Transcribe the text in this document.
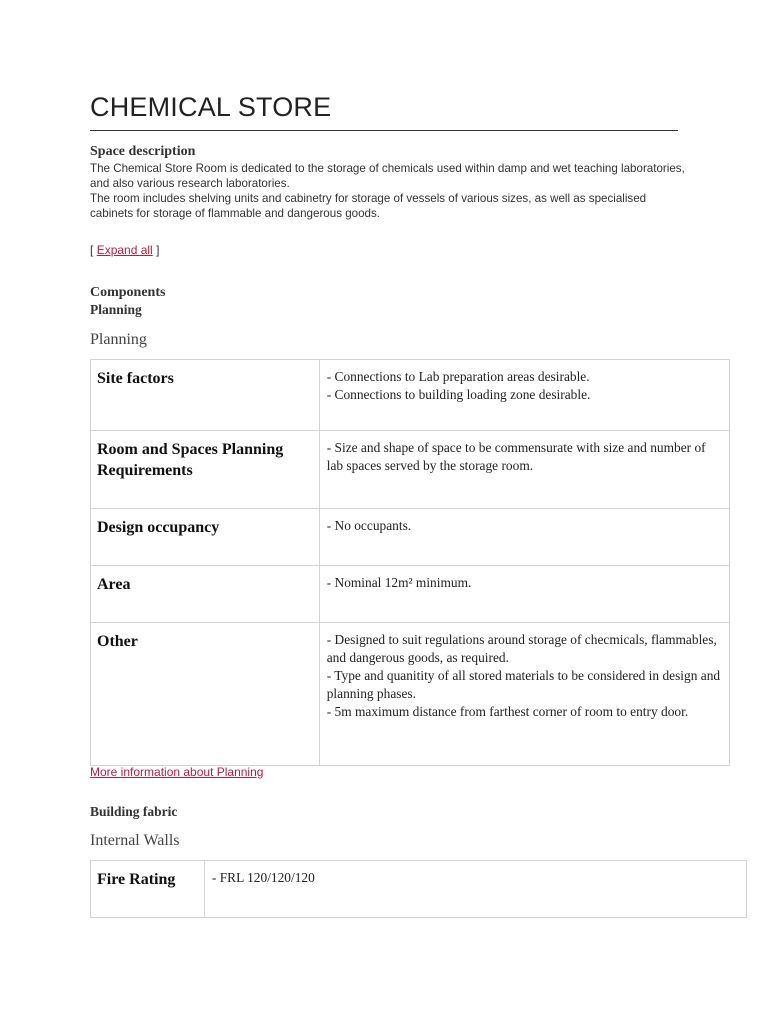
CHEMICAL STORE
Space description

The Chemical Store Room is dedicated to the storage of chemicals used within damp and wet teaching laboratories, and also various research laboratories.

The room includes shelving units and cabinetry for storage of vessels of various sizes, as well as specialised cabinets for storage of flammable and dangerous goods.

[ Expand all ]
Components
Planning
Planning
Site factors	- Connections to Lab preparation areas desirable.
- Connections to building loading zone desirable.

Room and Spaces Planning Requirements	- Size and shape of space to be commensurate with size and number of lab spaces served by the storage room.

Design occupancy	- No occupants.

Area	- Nominal 12m² minimum.

Other	- Designed to suit regulations around storage of checmicals, flammables, and dangerous goods, as required.
- Type and quanitity of all stored materials to be considered in design and planning phases.
- 5m maximum distance from farthest corner of room to entry door.
More information about Planning
Building fabric
Internal Walls
Fire Rating	- FRL 120/120/120
